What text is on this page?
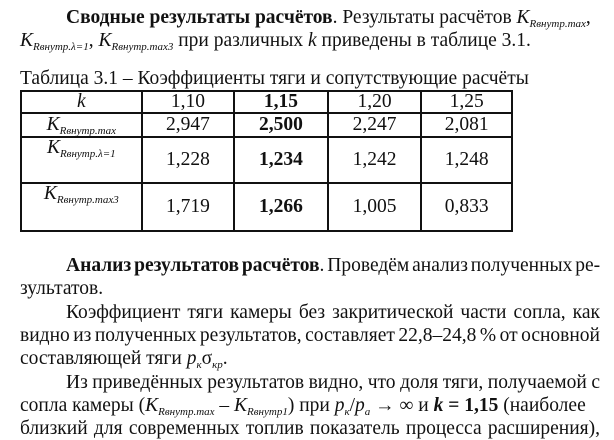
Сводные результаты расчётов. Результаты расчётов $K_{Rвнутр.max}$,
$K_{Rвнутр.\lambda=1}$, $K_{Rвнутр.max3}$ при различных k приведены в таблице 3.1.
Таблица 3.1 – Коэффициенты тяги и сопутствующие расчёты
k	1,10	1,15	1,20	1,25
$K_{Rвнутр.max}$	2,947	2,500	2,247	2,081
$K_{Rвнутр.\lambda=1}$	1,228	1,234	1,242	1,248
$K_{Rвнутр.max3}$	1,719	1,266	1,005	0,833
Анализ результатов расчётов. Проведём анализ полученных ре-
зультатов.
Коэффициент тяги камеры без закритической части сопла, как
видно из полученных результатов, составляет 22,8–24,8 % от основной
составляющей тяги $p_к\sigma_{кр}$.
Из приведённых результатов видно, что доля тяги, получаемой с
сопла камеры $(K_{Rвнутр.max} - K_{Rвнутр1})$ при $p_к/p_a$ → ∞ и k = 1,15 (наиболее
близкий для современных топлив показатель процесса расширения),
